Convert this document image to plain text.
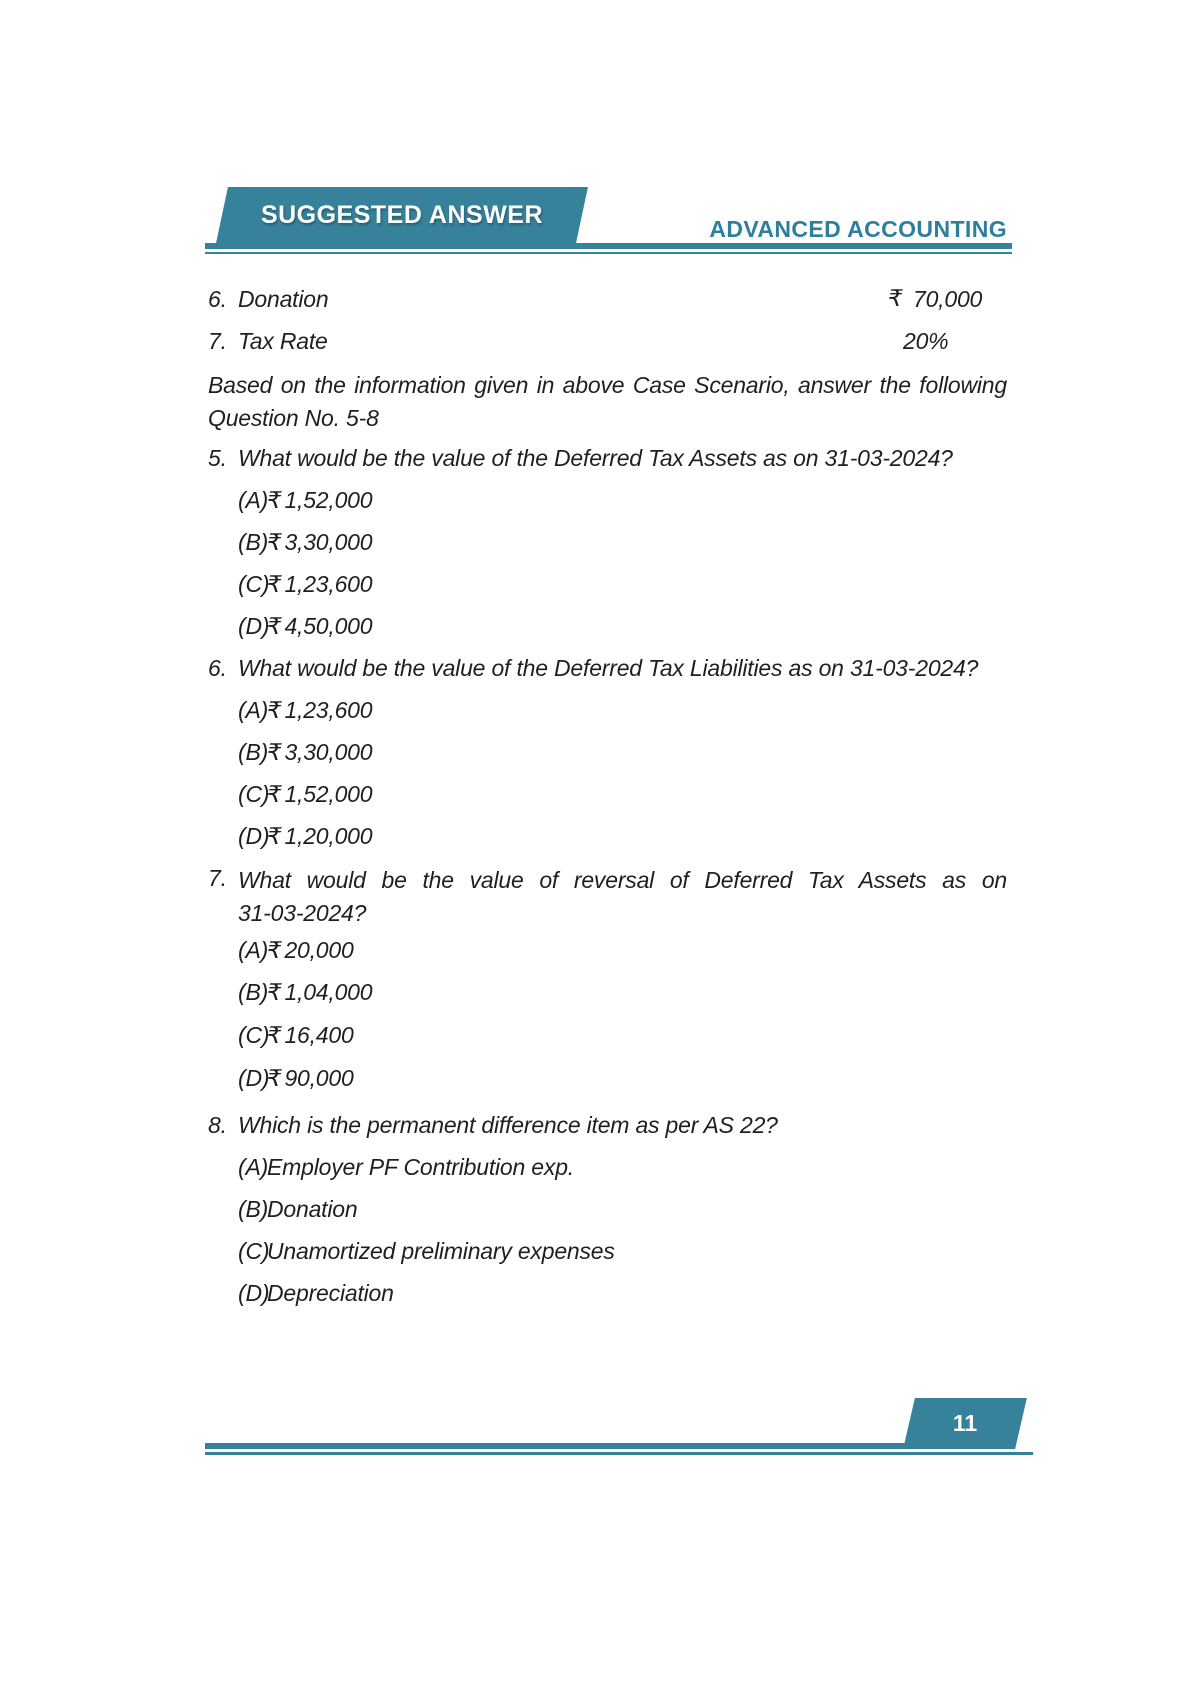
SUGGESTED ANSWER	ADVANCED ACCOUNTING
6. Donation	₹ 70,000
7. Tax Rate	20%
Based on the information given in above Case Scenario, answer the following
Question No. 5-8
5. What would be the value of the Deferred Tax Assets as on 31-03-2024?
(A)
₹ 1,52,000
(B)
₹ 3,30,000
(C)
₹ 1,23,600
(D)
₹ 4,50,000
6. What would be the value of the Deferred Tax Liabilities as on 31-03-2024?
(A)
₹ 1,23,600
(B)
₹ 3,30,000
(C)
₹ 1,52,000
(D)
₹ 1,20,000
7. What would be the value of reversal of Deferred Tax Assets as on
31-03-2024?
(A)
₹ 20,000
(B)
₹ 1,04,000
(C)
₹ 16,400
(D)
₹ 90,000
8. Which is the permanent difference item as per AS 22?
(A)
Employer PF Contribution exp.
(B)
Donation
(C)
Unamortized preliminary expenses
(D)
Depreciation
11
